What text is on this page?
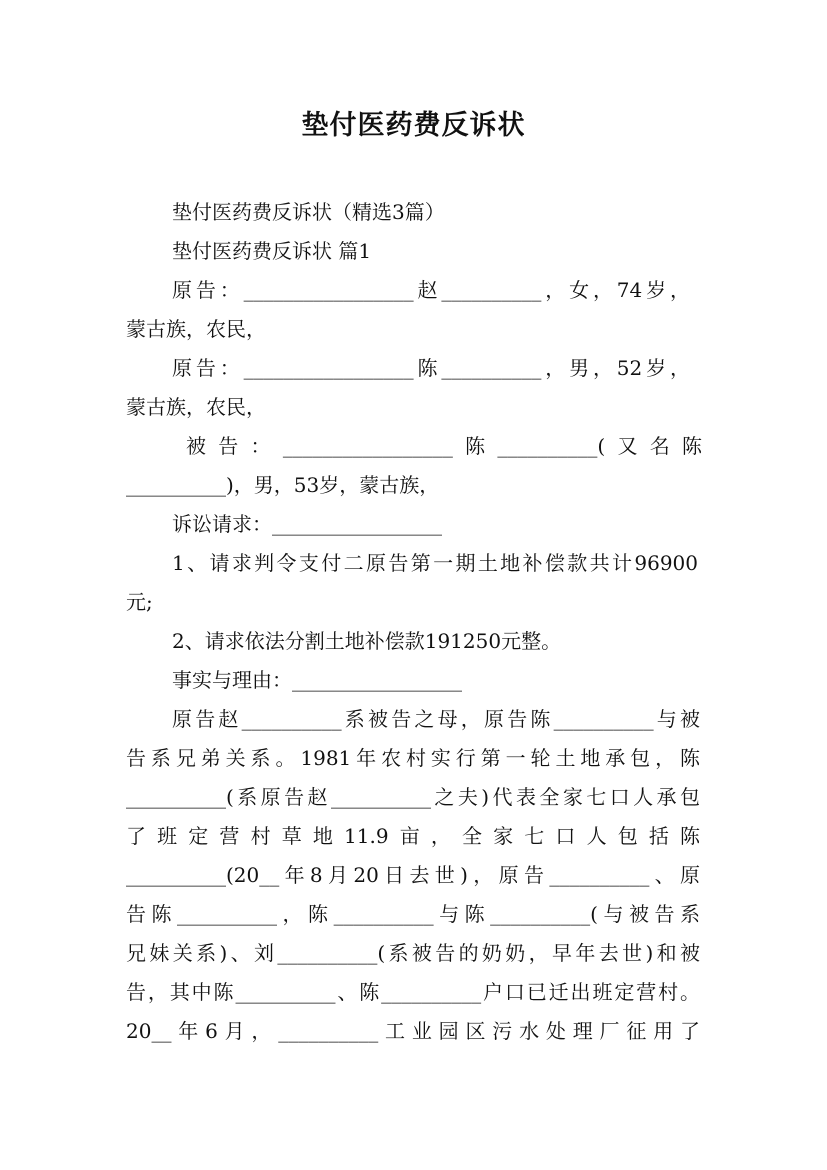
垫付医药费反诉状
垫付医药费反诉状（精选3篇）
垫付医药费反诉状 篇1
原告：_________________赵__________，女，74岁，
蒙古族，农民，
原告：_________________陈__________，男，52岁，
蒙古族，农民，
被告：_________________陈__________(又名陈
__________)，男，53岁，蒙古族，
诉讼请求：_________________
1、请求判令支付二原告第一期土地补偿款共计96900
元;
2、请求依法分割土地补偿款191250元整。
事实与理由：_________________
原告赵__________系被告之母，原告陈__________与被
告系兄弟关系。1981年农村实行第一轮土地承包，陈
__________(系原告赵__________之夫)代表全家七口人承包
了班定营村草地11.9亩，全家七口人包括陈
__________(20__年8月20日去世)，原告__________、原
告陈__________，陈__________与陈__________(与被告系
兄妹关系)、刘__________(系被告的奶奶，早年去世)和被
告，其中陈__________、陈__________户口已迁出班定营村。
20__年6月，__________工业园区污水处理厂征用了
